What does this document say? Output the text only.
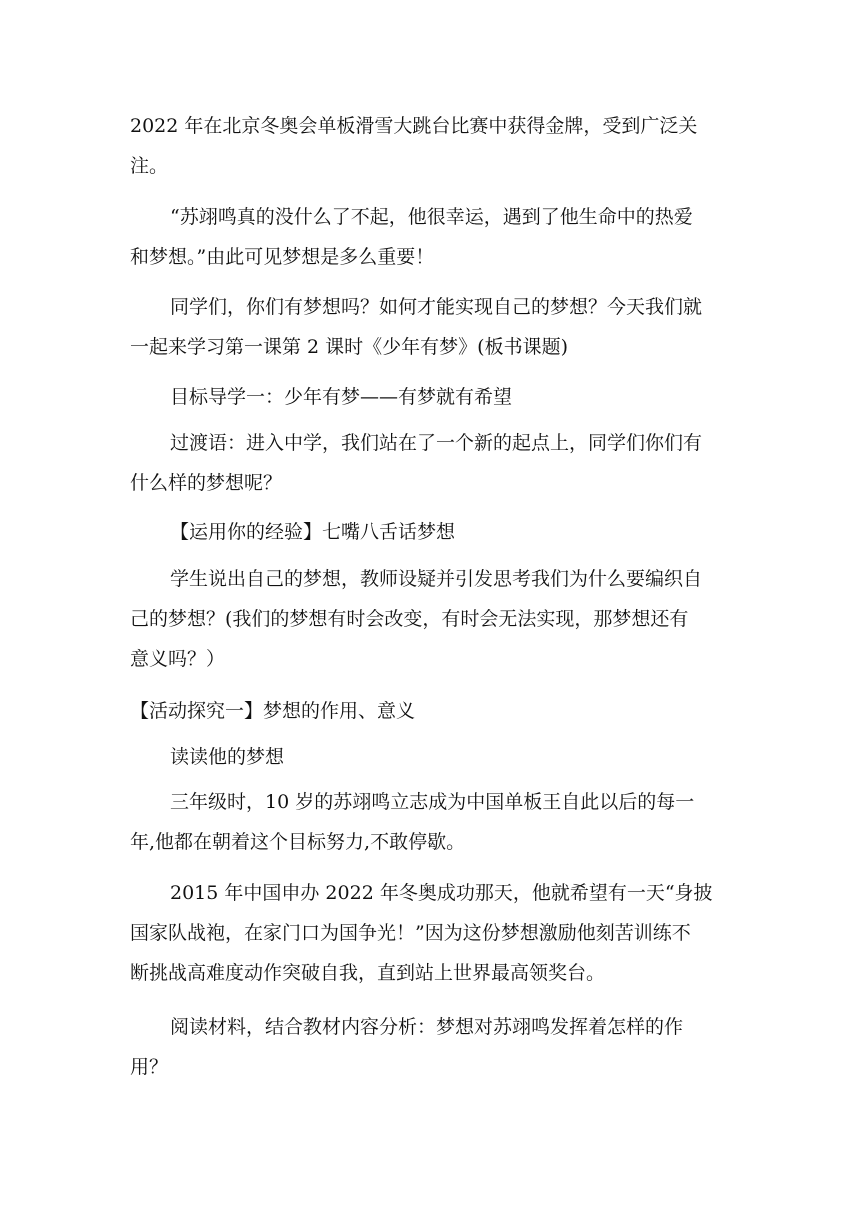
2022 年在北京冬奥会单板滑雪大跳台比赛中获得金牌，受到广泛关
注。
“苏翊鸣真的没什么了不起，他很幸运，遇到了他生命中的热爱
和梦想。”由此可见梦想是多么重要！
同学们，你们有梦想吗？如何才能实现自己的梦想？今天我们就
一起来学习第一课第 2 课时《少年有梦》(板书课题)
目标导学一：少年有梦——有梦就有希望
过渡语：进入中学，我们站在了一个新的起点上，同学们你们有
什么样的梦想呢？
【运用你的经验】七嘴八舌话梦想
学生说出自己的梦想，教师设疑并引发思考我们为什么要编织自
己的梦想？(我们的梦想有时会改变，有时会无法实现，那梦想还有
意义吗？）
【活动探究一】梦想的作用、意义
读读他的梦想
三年级时，10 岁的苏翊鸣立志成为中国单板王自此以后的每一
年,他都在朝着这个目标努力,不敢停歇。
2015 年中国申办 2022 年冬奥成功那天，他就希望有一天“身披
国家队战袍，在家门口为国争光！”因为这份梦想激励他刻苦训练不
断挑战高难度动作突破自我，直到站上世界最高领奖台。
阅读材料，结合教材内容分析：梦想对苏翊鸣发挥着怎样的作
用？
